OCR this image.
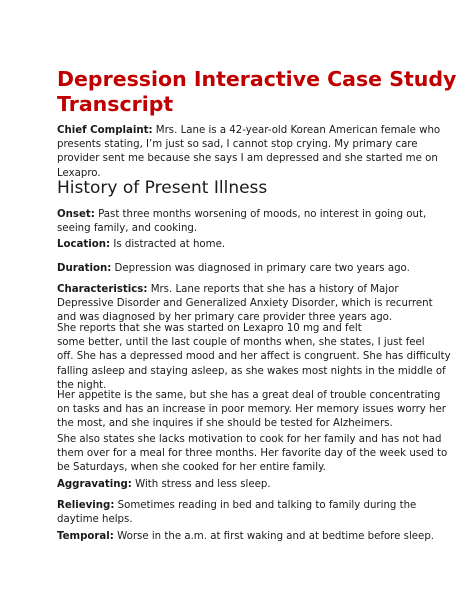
Depression Interactive Case Study
Transcript
Chief Complaint: Mrs. Lane is a 42-year-old Korean American female who
presents stating, I’m just so sad, I cannot stop crying. My primary care
provider sent me because she says I am depressed and she started me on
Lexapro.
History of Present Illness
Onset: Past three months worsening of moods, no interest in going out,
seeing family, and cooking.
Location: Is distracted at home.
Duration: Depression was diagnosed in primary care two years ago.
Characteristics: Mrs. Lane reports that she has a history of Major
Depressive Disorder and Generalized Anxiety Disorder, which is recurrent
and was diagnosed by her primary care provider three years ago.
She reports that she was started on Lexapro 10 mg and felt
some better, until the last couple of months when, she states, I just feel
off. She has a depressed mood and her affect is congruent. She has difficulty
falling asleep and staying asleep, as she wakes most nights in the middle of
the night.
Her appetite is the same, but she has a great deal of trouble concentrating
on tasks and has an increase in poor memory. Her memory issues worry her
the most, and she inquires if she should be tested for Alzheimers.
She also states she lacks motivation to cook for her family and has not had
them over for a meal for three months. Her favorite day of the week used to
be Saturdays, when she cooked for her entire family.
Aggravating: With stress and less sleep.
Relieving: Sometimes reading in bed and talking to family during the
daytime helps.
Temporal: Worse in the a.m. at first waking and at bedtime before sleep.
